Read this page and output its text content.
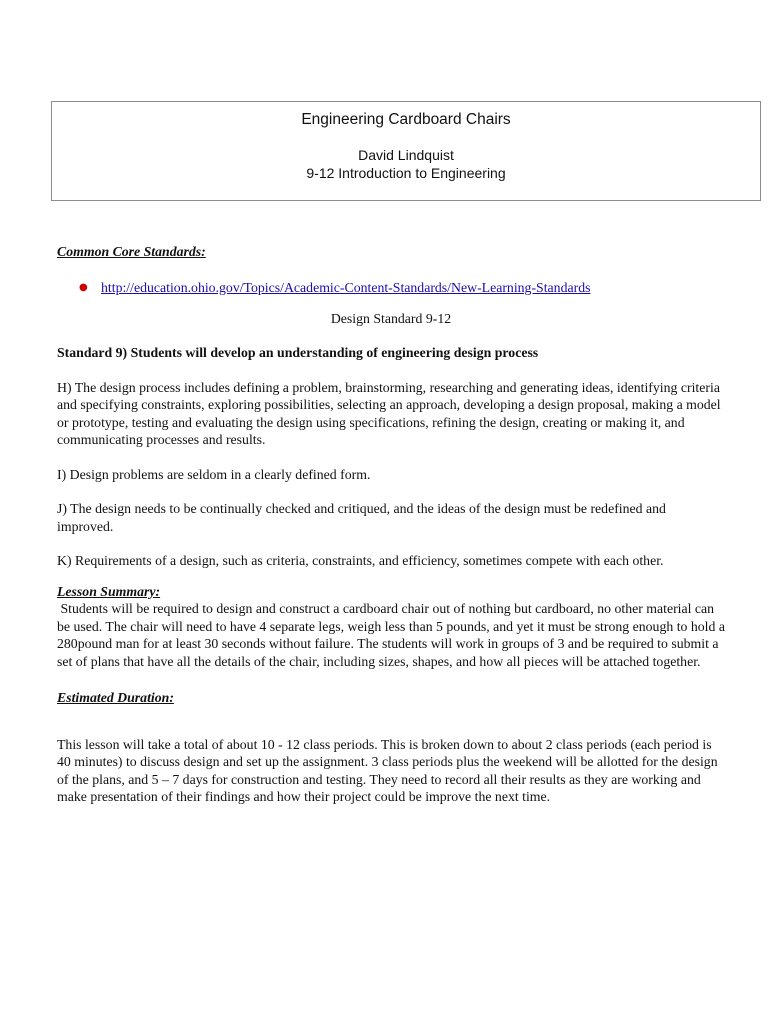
Engineering Cardboard Chairs
David Lindquist
9-12 Introduction to Engineering

Common Core Standards:

● http://education.ohio.gov/Topics/Academic-Content-Standards/New-Learning-Standards

Design Standard 9-12

Standard 9) Students will develop an understanding of engineering design process

H) The design process includes defining a problem, brainstorming, researching and generating ideas, identifying criteria and specifying constraints, exploring possibilities, selecting an approach, developing a design proposal, making a model or prototype, testing and evaluating the design using specifications, refining the design, creating or making it, and communicating processes and results.

I) Design problems are seldom in a clearly defined form.

J) The design needs to be continually checked and critiqued, and the ideas of the design must be redefined and improved.

K) Requirements of a design, such as criteria, constraints, and efficiency, sometimes compete with each other.

Lesson Summary:

Students will be required to design and construct a cardboard chair out of nothing but cardboard, no other material can be used. The chair will need to have 4 separate legs, weigh less than 5 pounds, and yet it must be strong enough to hold a 280pound man for at least 30 seconds without failure. The students will work in groups of 3 and be required to submit a set of plans that have all the details of the chair, including sizes, shapes, and how all pieces will be attached together.

Estimated Duration:

This lesson will take a total of about 10 - 12 class periods. This is broken down to about 2 class periods (each period is 40 minutes) to discuss design and set up the assignment. 3 class periods plus the weekend will be allotted for the design of the plans, and 5 – 7 days for construction and testing. They need to record all their results as they are working and make presentation of their findings and how their project could be improve the next time.
